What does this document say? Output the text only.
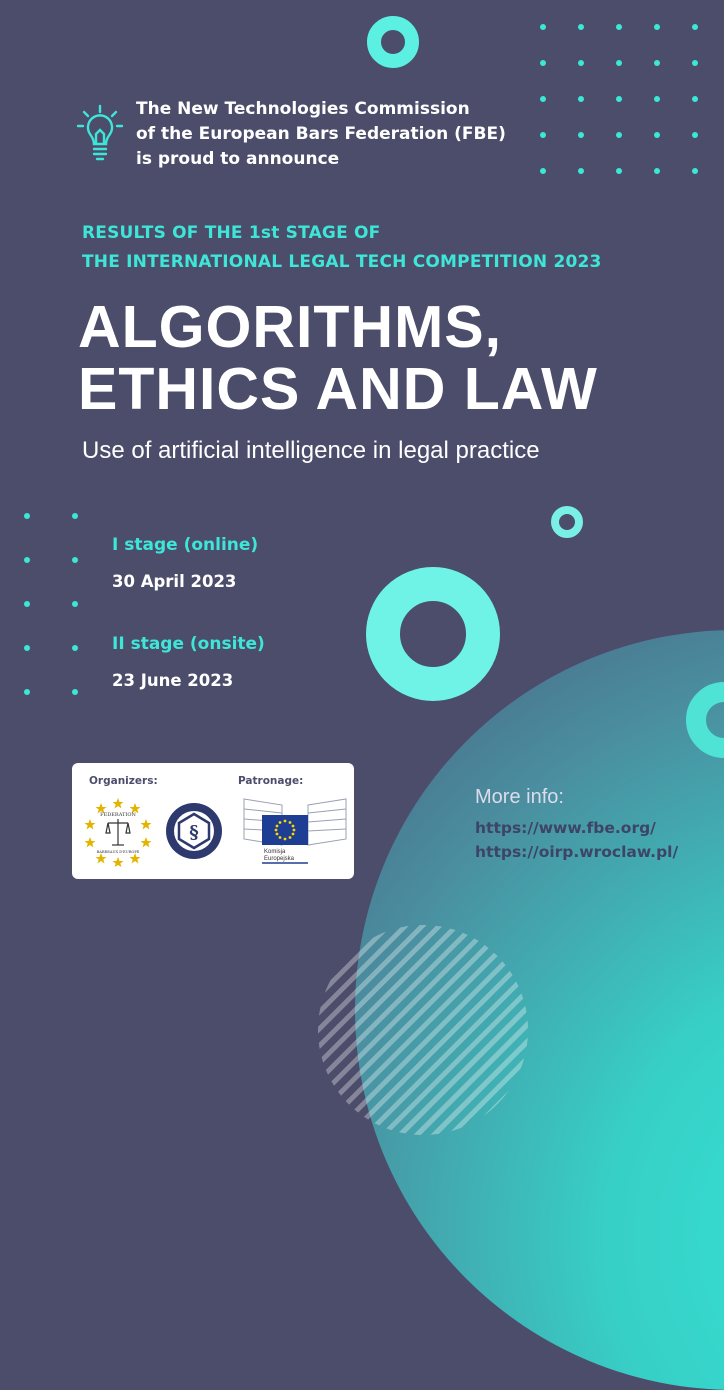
The New Technologies Commission
of the European Bars Federation (FBE)
is proud to announce
RESULTS OF THE 1st STAGE OF
THE INTERNATIONAL LEGAL TECH COMPETITION 2023
ALGORITHMS,
ETHICS AND LAW
Use of artificial intelligence in legal practice
I stage (online)
30 April 2023
II stage (onsite)
23 June 2023
Organizers:	Patronage:
FEDERATION
BARREAUX D'EUROPE
§
Komisja
Europejska
More info:
https://www.fbe.org/
https://oirp.wroclaw.pl/
